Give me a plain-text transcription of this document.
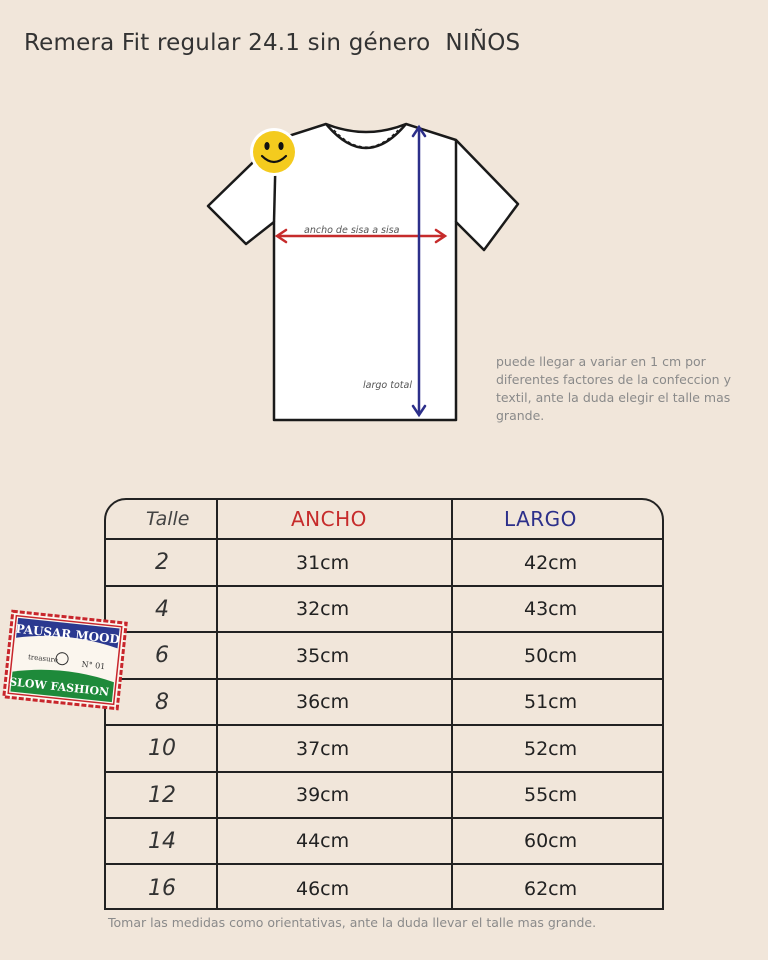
Remera Fit regular 24.1 sin género  NIÑOS
ancho de sisa a sisa
largo total
puede llegar a variar en 1 cm por diferentes factores de la confeccion y textil, ante la duda elegir el talle mas grande.
Talle	ANCHO	LARGO
2	31cm	42cm
4	32cm	43cm
6	35cm	50cm
8	36cm	51cm
10	37cm	52cm
12	39cm	55cm
14	44cm	60cm
16	46cm	62cm
Tomar las medidas como orientativas, ante la duda llevar el talle mas grande.
PAUSAR MOOD
treasure
N° 01
SLOW FASHION
